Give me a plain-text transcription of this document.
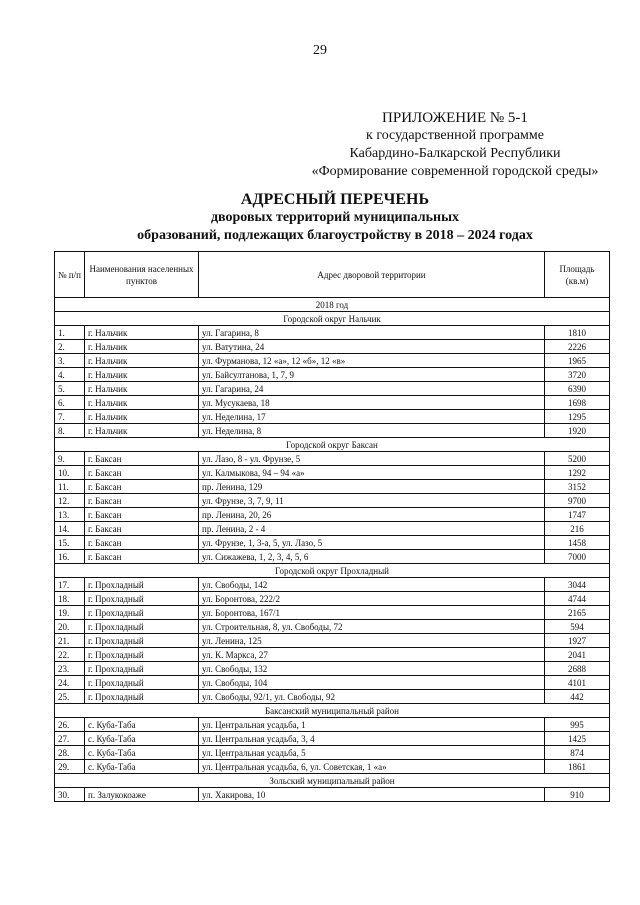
29
ПРИЛОЖЕНИЕ № 5-1
к государственной программе
Кабардино-Балкарской Республики
«Формирование современной городской среды»
АДРЕСНЫЙ ПЕРЕЧЕНЬ
дворовых территорий муниципальных
образований, подлежащих благоустройству в 2018 – 2024 годах
№ п/п	Наименования населенных пунктов	Адрес дворовой территории	Площадь (кв.м)
2018 год			
Городской округ Нальчик			
1.	г. Нальчик	ул. Гагарина, 8	1810
2.	г. Нальчик	ул. Ватутина, 24	2226
3.	г. Нальчик	ул. Фурманова, 12 «а», 12 «б», 12 «в»	1965
4.	г. Нальчик	ул. Байсултанова, 1, 7, 9	3720
5.	г. Нальчик	ул. Гагарина, 24	6390
6.	г. Нальчик	ул. Мусукаева, 18	1698
7.	г. Нальчик	ул. Неделина, 17	1295
8.	г. Нальчик	ул. Неделина, 8	1920
Городской округ Баксан			
9.	г. Баксан	ул. Лазо, 8 - ул. Фрунзе, 5	5200
10.	г. Баксан	ул. Калмыкова, 94 – 94 «а»	1292
11.	г. Баксан	пр. Ленина, 129	3152
12.	г. Баксан	ул. Фрунзе, 3, 7, 9, 11	9700
13.	г. Баксан	пр. Ленина, 20, 26	1747
14.	г. Баксан	пр. Ленина, 2 - 4	216
15.	г. Баксан	ул. Фрунзе, 1, 3-а, 5, ул. Лазо, 5	1458
16.	г. Баксан	ул. Сижажева, 1, 2, 3, 4, 5, 6	7000
Городской округ Прохладный			
17.	г. Прохладный	ул. Свободы, 142	3044
18.	г. Прохладный	ул. Боронтова, 222/2	4744
19.	г. Прохладный	ул. Боронтова, 167/1	2165
20.	г. Прохладный	ул. Строительная, 8, ул. Свободы, 72	594
21.	г. Прохладный	ул. Ленина, 125	1927
22.	г. Прохладный	ул. К. Маркса, 27	2041
23.	г. Прохладный	ул. Свободы, 132	2688
24.	г. Прохладный	ул. Свободы, 104	4101
25.	г. Прохладный	ул. Свободы, 92/1, ул. Свободы, 92	442
Баксанский муниципальный район			
26.	с. Куба-Таба	ул. Центральная усадьба, 1	995
27.	с. Куба-Таба	ул. Центральная усадьба, 3, 4	1425
28.	с. Куба-Таба	ул. Центральная усадьба, 5	874
29.	с. Куба-Таба	ул. Центральная усадьба, 6, ул. Советская, 1 «а»	1861
Зольский муниципальный район			
30.	п. Залукокоаже	ул. Хакирова, 10	910
